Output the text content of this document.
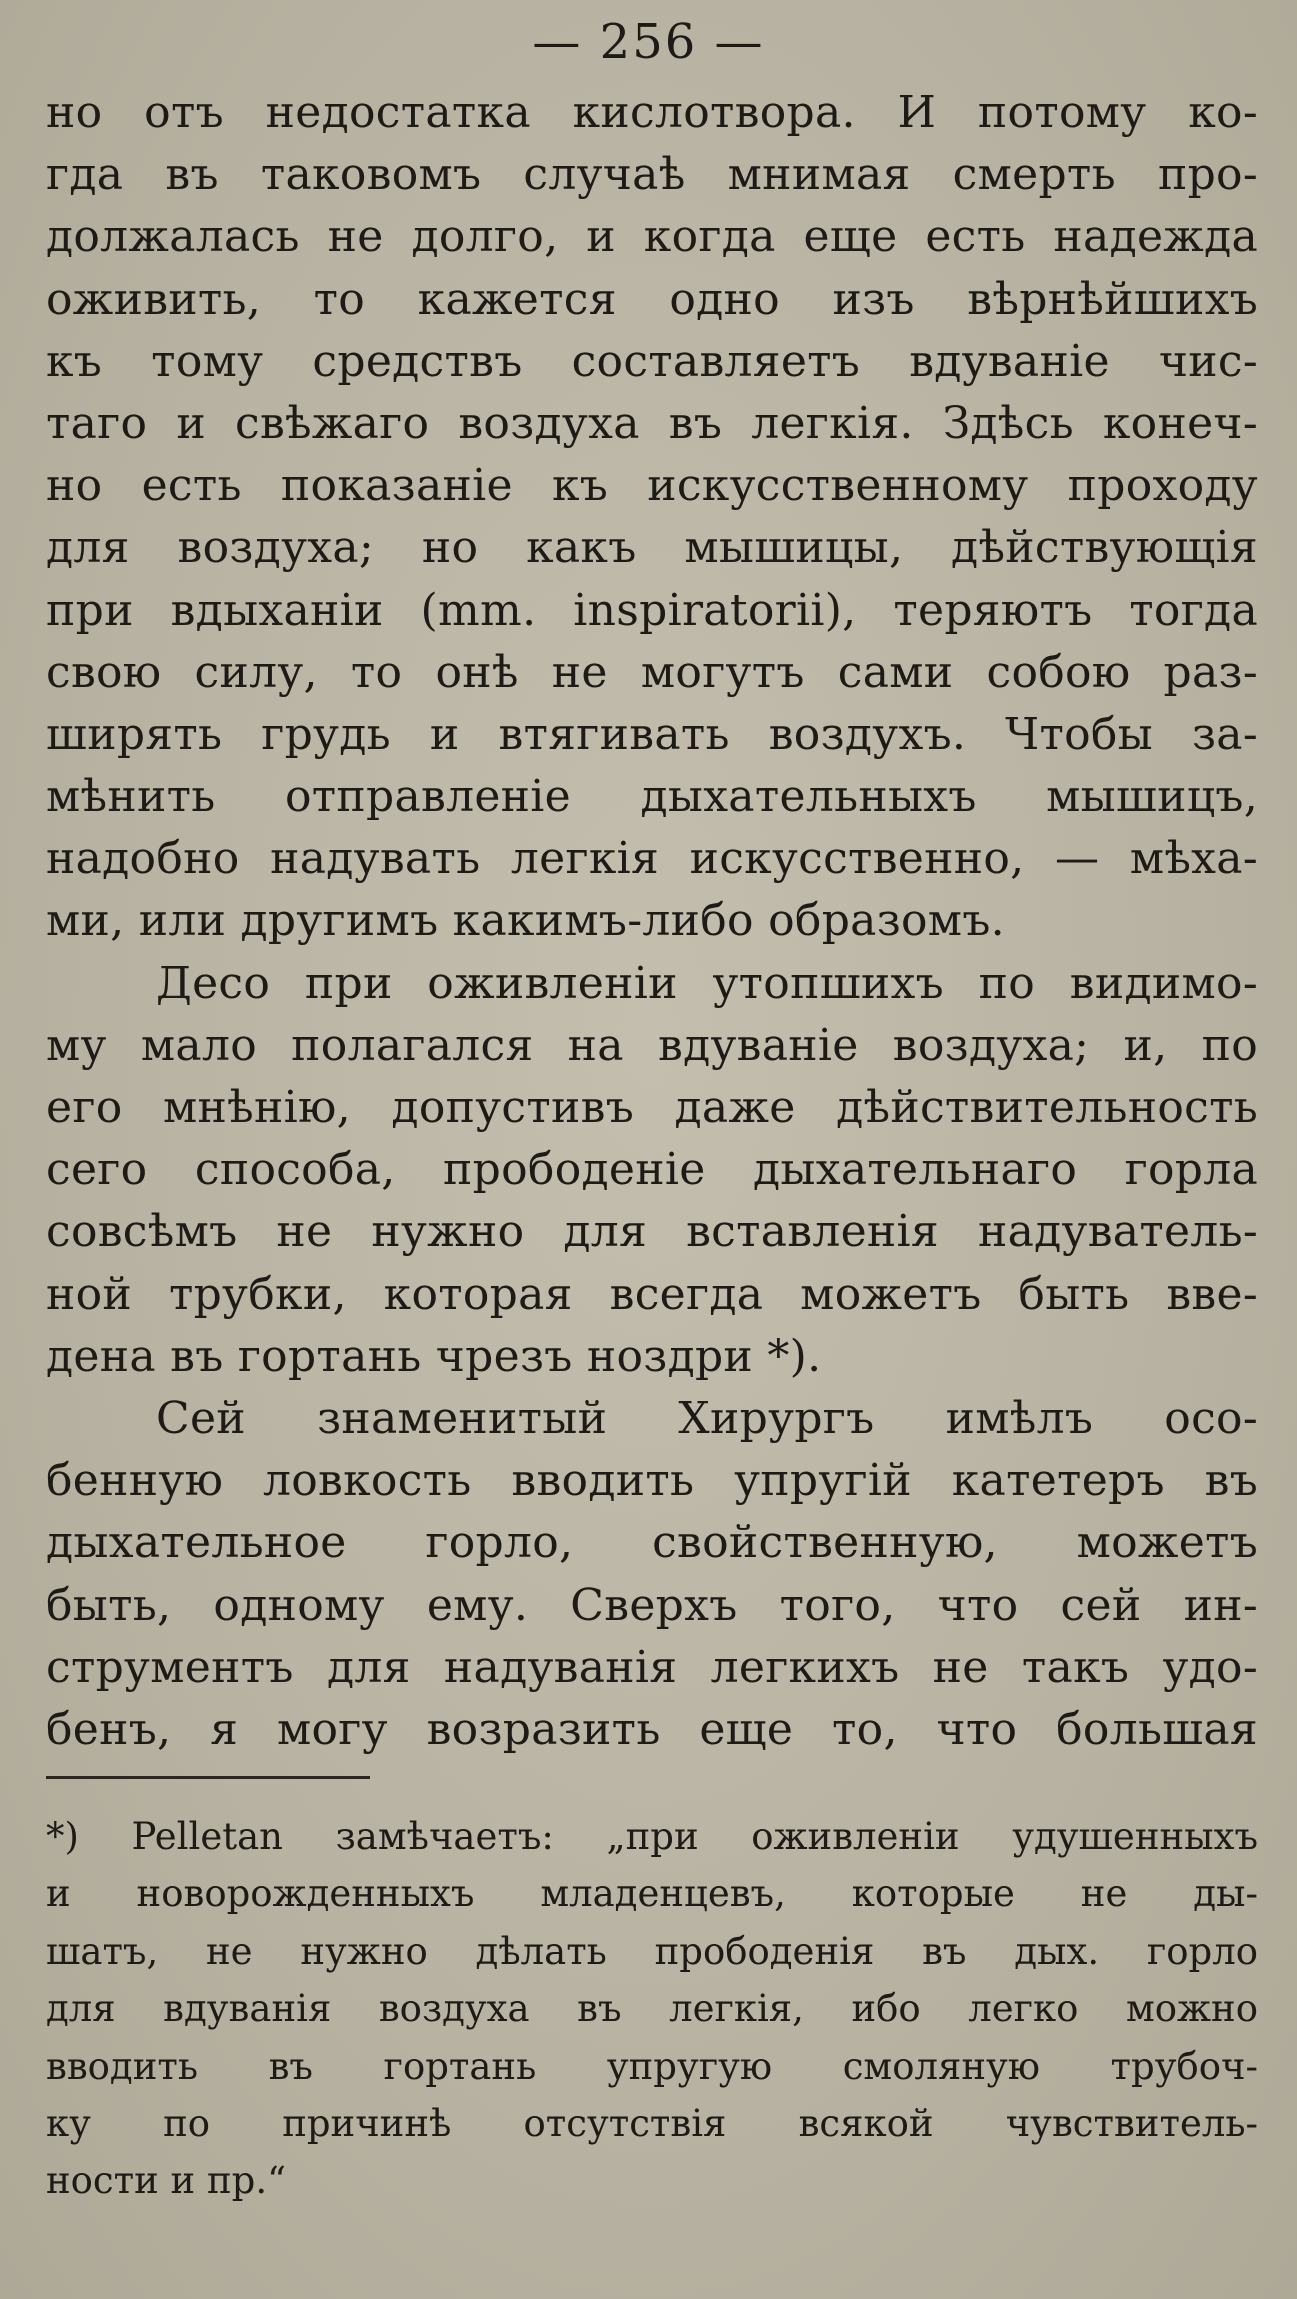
— 256 —
но отъ недостатка кислотвора. И потому ко-
гда въ таковомъ случаѣ мнимая смерть про-
должалась не долго, и когда еще есть надежда
оживить, то кажется одно изъ вѣрнѣйшихъ
къ тому средствъ составляетъ вдуваніе чис-
таго и свѣжаго воздуха въ легкія. Здѣсь конеч-
но есть показаніе къ искусственному проходу
для воздуха; но какъ мышицы, дѣйствующія
при вдыханіи (mm. inspiratorii), теряютъ тогда
свою силу, то онѣ не могутъ сами собою раз-
ширять грудь и втягивать воздухъ. Чтобы за-
мѣнить отправленіе дыхательныхъ мышицъ,
надобно надувать легкія искусственно, — мѣха-
ми, или другимъ какимъ-либо образомъ.
Десо при оживленіи утопшихъ по видимо-
му мало полагался на вдуваніе воздуха; и, по
его мнѣнію, допустивъ даже дѣйствительность
сего способа, прободеніе дыхательнаго горла
совсѣмъ не нужно для вставленія надуватель-
ной трубки, которая всегда можетъ быть вве-
дена въ гортань чрезъ ноздри *).
Сей знаменитый Хирургъ имѣлъ осо-
бенную ловкость вводить упругій катетеръ въ
дыхательное горло, свойственную, можетъ
быть, одному ему. Сверхъ того, что сей ин-
струментъ для надуванія легкихъ не такъ удо-
бенъ, я могу возразить еще то, что большая
*) Pelletan замѣчаетъ: „при оживленіи удушенныхъ
и новорожденныхъ младенцевъ, которые не ды-
шатъ, не нужно дѣлать прободенія въ дых. горло
для вдуванія воздуха въ легкія, ибо легко можно
вводить въ гортань упругую смоляную трубоч-
ку по причинѣ отсутствія всякой чувствитель-
ности и пр.“
